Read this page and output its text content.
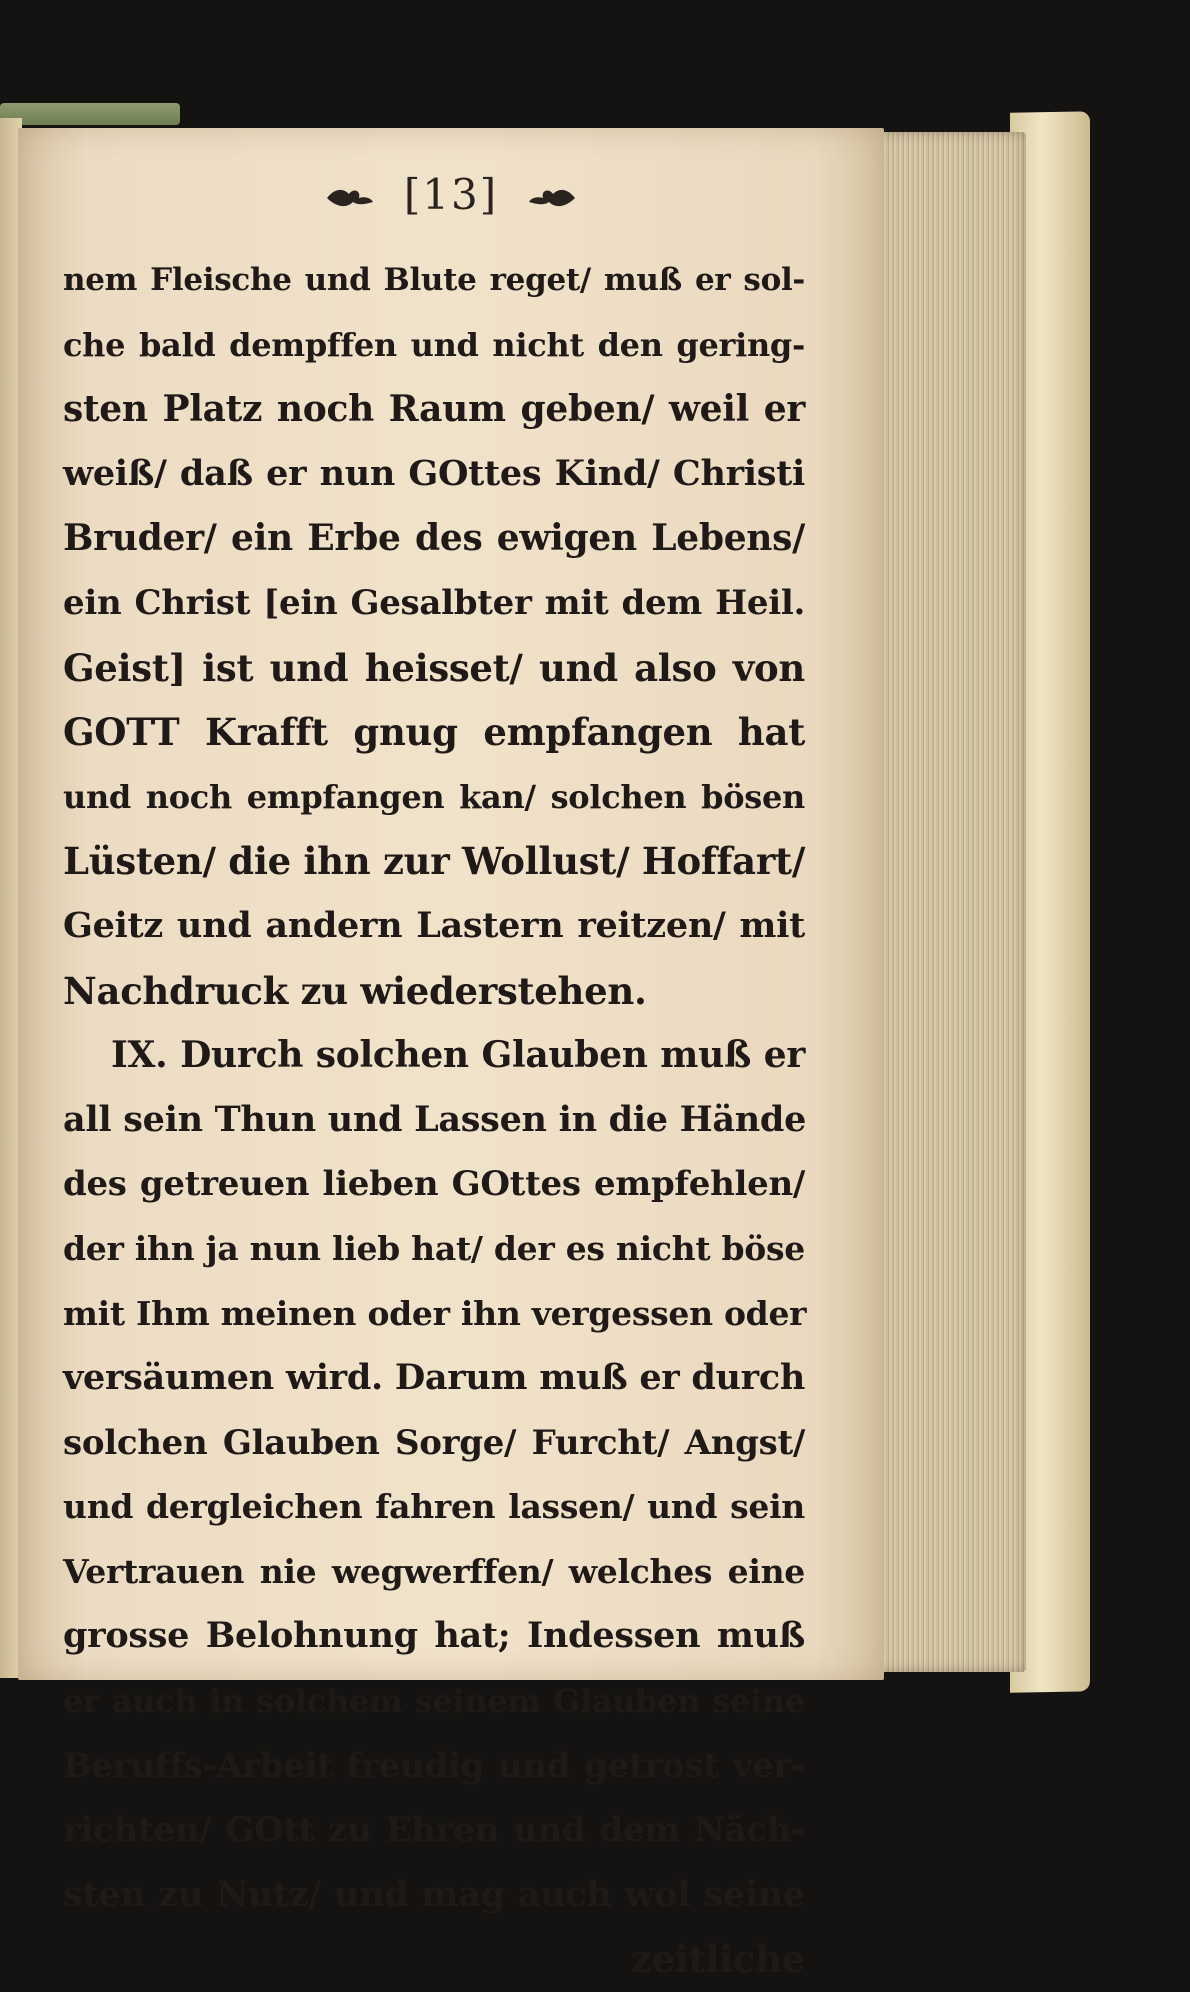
[13]
nem Fleische und Blute reget/ muß er sol-
che bald dempffen und nicht den gering-
sten Platz noch Raum geben/ weil er
weiß/ daß er nun GOttes Kind/ Christi
Bruder/ ein Erbe des ewigen Lebens/
ein Christ [ein Gesalbter mit dem Heil.
Geist] ist und heisset/ und also von
GOTT Krafft gnug empfangen hat
und noch empfangen kan/ solchen bösen
Lüsten/ die ihn zur Wollust/ Hoffart/
Geitz und andern Lastern reitzen/ mit
Nachdruck zu wiederstehen.
IX. Durch solchen Glauben muß er
all sein Thun und Lassen in die Hände
des getreuen lieben GOttes empfehlen/
der ihn ja nun lieb hat/ der es nicht böse
mit Ihm meinen oder ihn vergessen oder
versäumen wird. Darum muß er durch
solchen Glauben Sorge/ Furcht/ Angst/
und dergleichen fahren lassen/ und sein
Vertrauen nie wegwerffen/ welches eine
grosse Belohnung hat; Indessen muß
er auch in solchem seinem Glauben seine
Beruffs-Arbeit freudig und getrost ver-
richten/ GOtt zu Ehren und dem Näch-
sten zu Nutz/ und mag auch wol seine
zeitliche
